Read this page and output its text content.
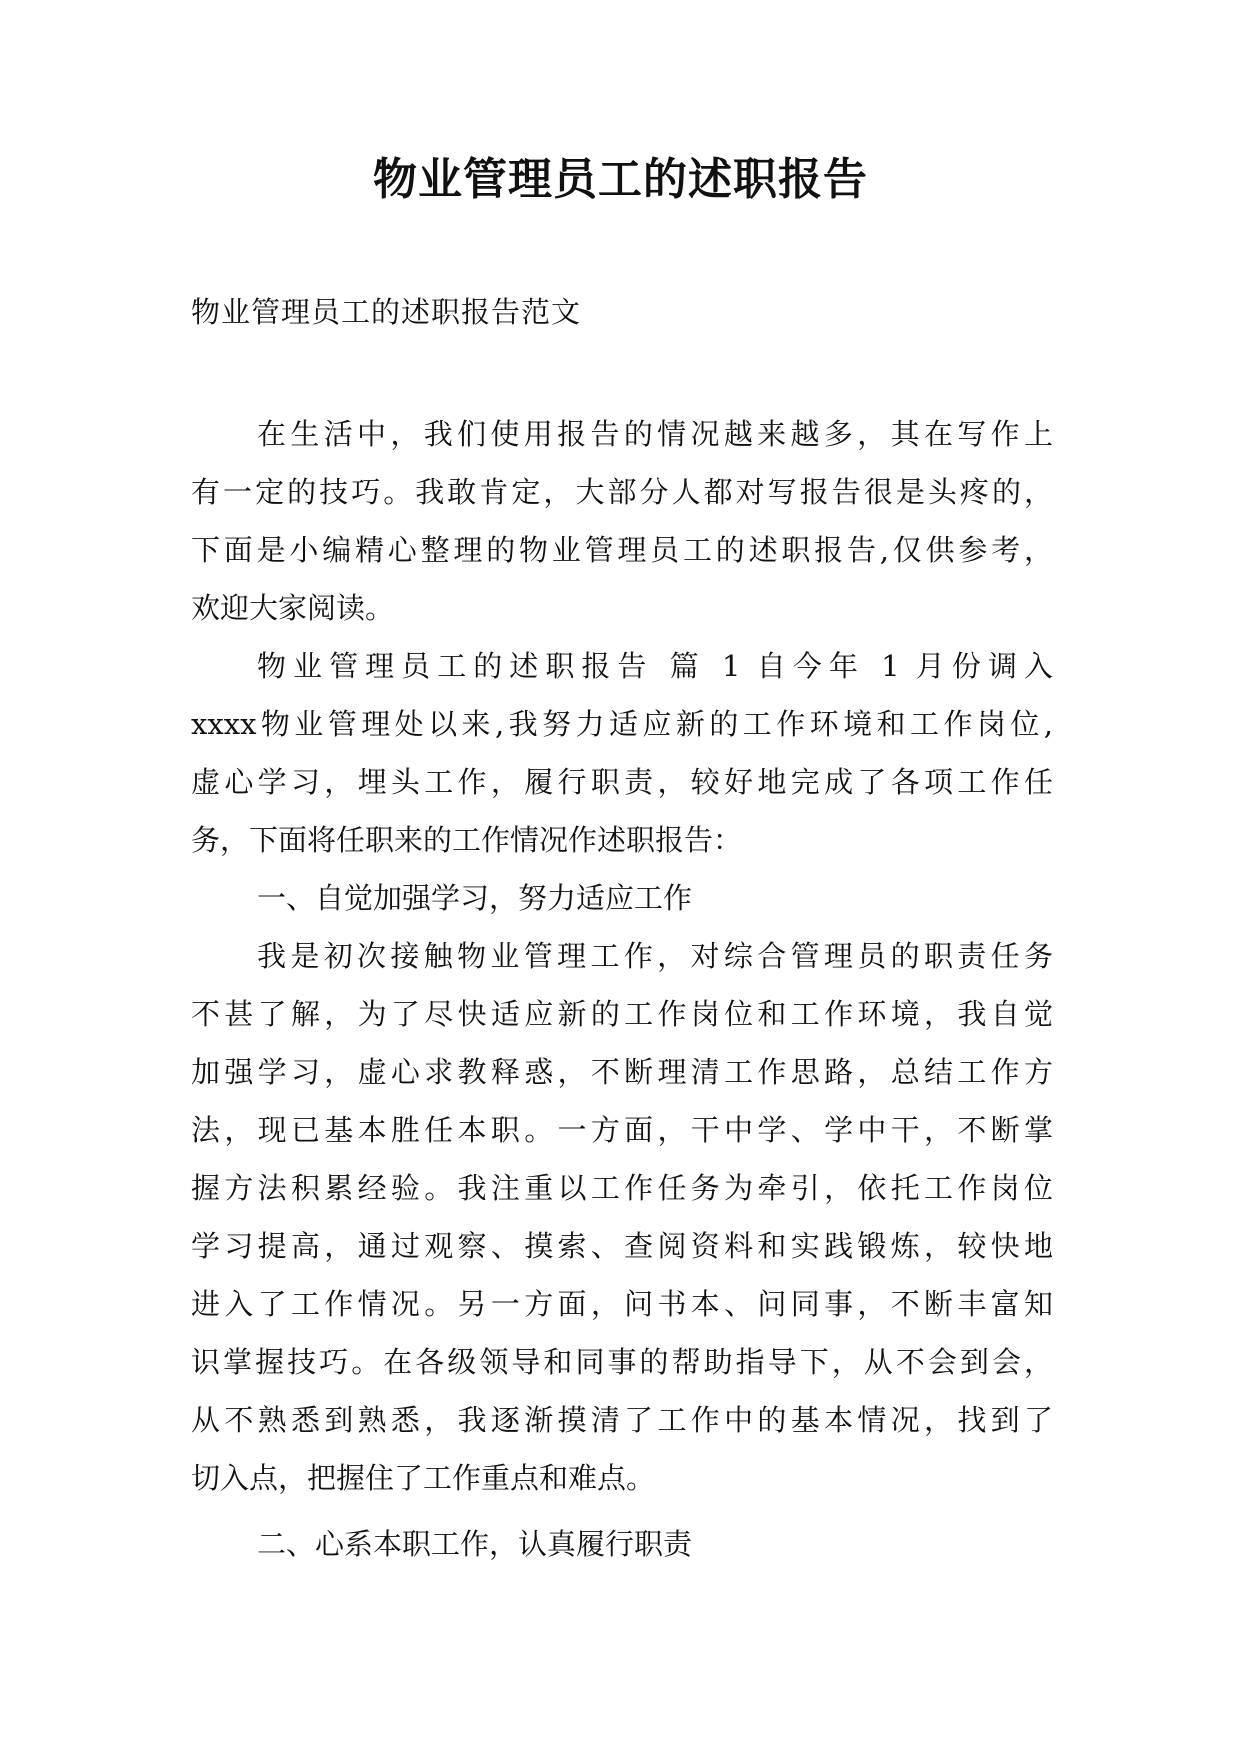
物业管理员工的述职报告
物业管理员工的述职报告范文
在生活中，我们使用报告的情况越来越多，其在写作上
有一定的技巧。我敢肯定，大部分人都对写报告很是头疼的，
下面是小编精心整理的物业管理员工的述职报告,仅供参考，
欢迎大家阅读。
物业管理员工的述职报告 篇 1 自今年 1 月份调入
xxxx物业管理处以来,我努力适应新的工作环境和工作岗位,
虚心学习，埋头工作，履行职责，较好地完成了各项工作任
务，下面将任职来的工作情况作述职报告：
一、自觉加强学习，努力适应工作
我是初次接触物业管理工作，对综合管理员的职责任务
不甚了解，为了尽快适应新的工作岗位和工作环境，我自觉
加强学习，虚心求教释惑，不断理清工作思路，总结工作方
法，现已基本胜任本职。一方面，干中学、学中干，不断掌
握方法积累经验。我注重以工作任务为牵引，依托工作岗位
学习提高，通过观察、摸索、查阅资料和实践锻炼，较快地
进入了工作情况。另一方面，问书本、问同事，不断丰富知
识掌握技巧。在各级领导和同事的帮助指导下，从不会到会，
从不熟悉到熟悉，我逐渐摸清了工作中的基本情况，找到了
切入点，把握住了工作重点和难点。
二、心系本职工作，认真履行职责
